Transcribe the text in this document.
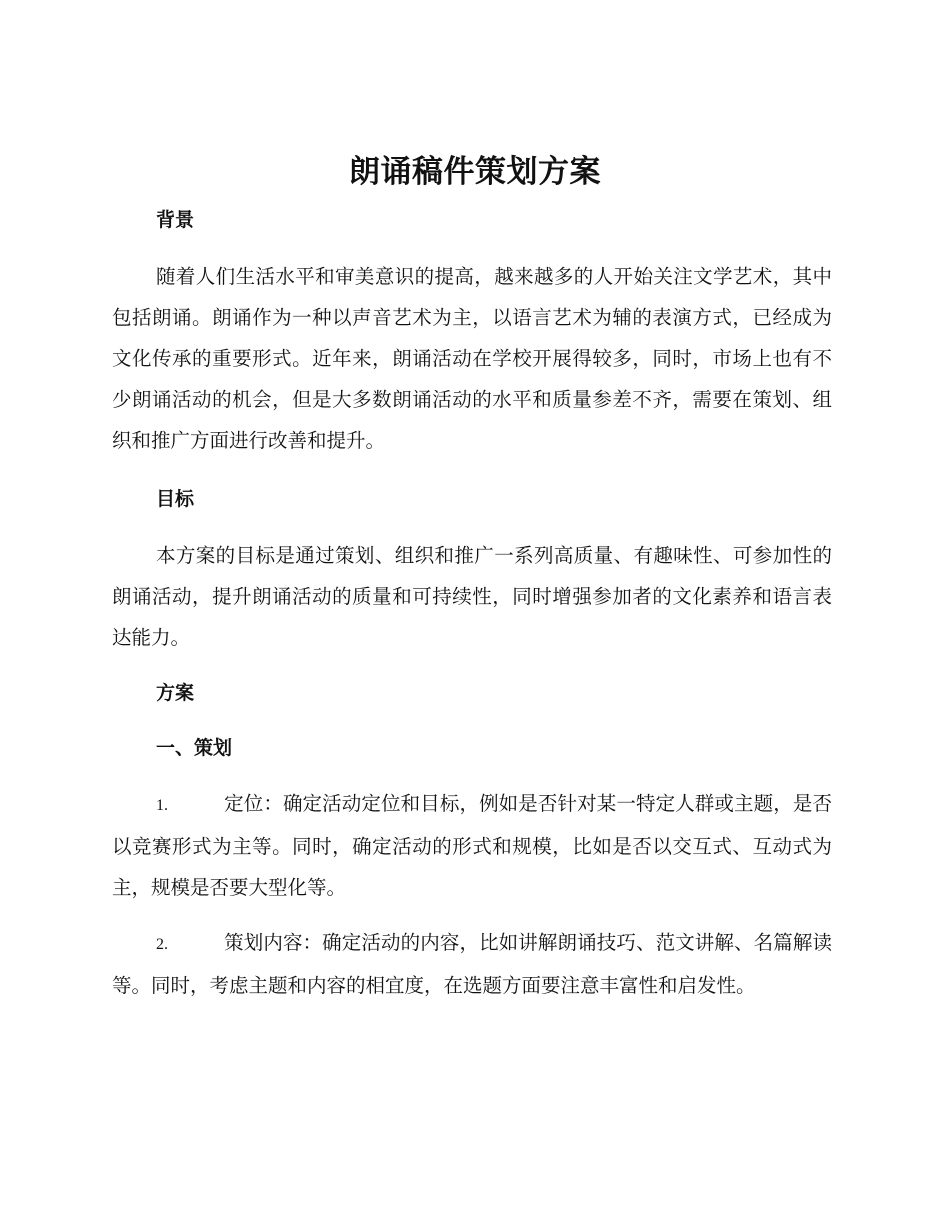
朗诵稿件策划方案
背景

随着人们生活水平和审美意识的提高，越来越多的人开始关注文学艺术，其中包括朗诵。朗诵作为一种以声音艺术为主，以语言艺术为辅的表演方式，已经成为文化传承的重要形式。近年来，朗诵活动在学校开展得较多，同时，市场上也有不少朗诵活动的机会，但是大多数朗诵活动的水平和质量参差不齐，需要在策划、组织和推广方面进行改善和提升。

目标

本方案的目标是通过策划、组织和推广一系列高质量、有趣味性、可参加性的朗诵活动，提升朗诵活动的质量和可持续性，同时增强参加者的文化素养和语言表达能力。

方案
一、策划

1.	定位：确定活动定位和目标，例如是否针对某一特定人群或主题，是否以竞赛形式为主等。同时，确定活动的形式和规模，比如是否以交互式、互动式为主，规模是否要大型化等。

2.	策划内容：确定活动的内容，比如讲解朗诵技巧、范文讲解、名篇解读等。同时，考虑主题和内容的相宜度，在选题方面要注意丰富性和启发性。
